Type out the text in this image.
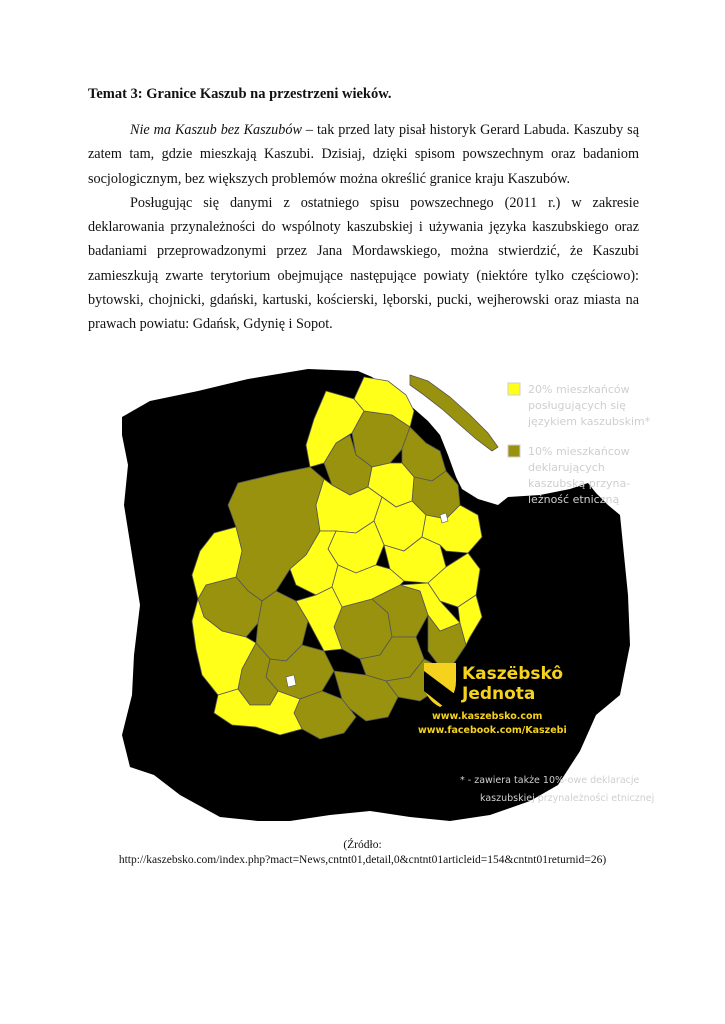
Temat 3: Granice Kaszub na przestrzeni wieków.

Nie ma Kaszub bez Kaszubów – tak przed laty pisał historyk Gerard Labuda. Kaszuby są zatem tam, gdzie mieszkają Kaszubi. Dzisiaj, dzięki spisom powszechnym oraz badaniom socjologicznym, bez większych problemów można określić granice kraju Kaszubów.

Posługując się danymi z ostatniego spisu powszechnego (2011 r.) w zakresie deklarowania przynależności do wspólnoty kaszubskiej i używania języka kaszubskiego oraz badaniami przeprowadzonymi przez Jana Mordawskiego, można stwierdzić, że Kaszubi zamieszkują zwarte terytorium obejmujące następujące powiaty (niektóre tylko częściowo): bytowski, chojnicki, gdański, kartuski, kościerski, lęborski, pucki, wejherowski oraz miasta na prawach powiatu: Gdańsk, Gdynię i Sopot.

20% mieszkańców
posługujących się
językiem kaszubskim*
10% mieszkańcow
deklarujących
kaszubską przyna-
leżność etniczną
Kaszëbskô
Jednota
www.kaszebsko.com
www.facebook.com/Kaszebi
* - zawiera także 10%-owe deklaracje
kaszubskiej przynależności etnicznej
(Źródło:
http://kaszebsko.com/index.php?mact=News,cntnt01,detail,0&cntnt01articleid=154&cntnt01returnid=26)
